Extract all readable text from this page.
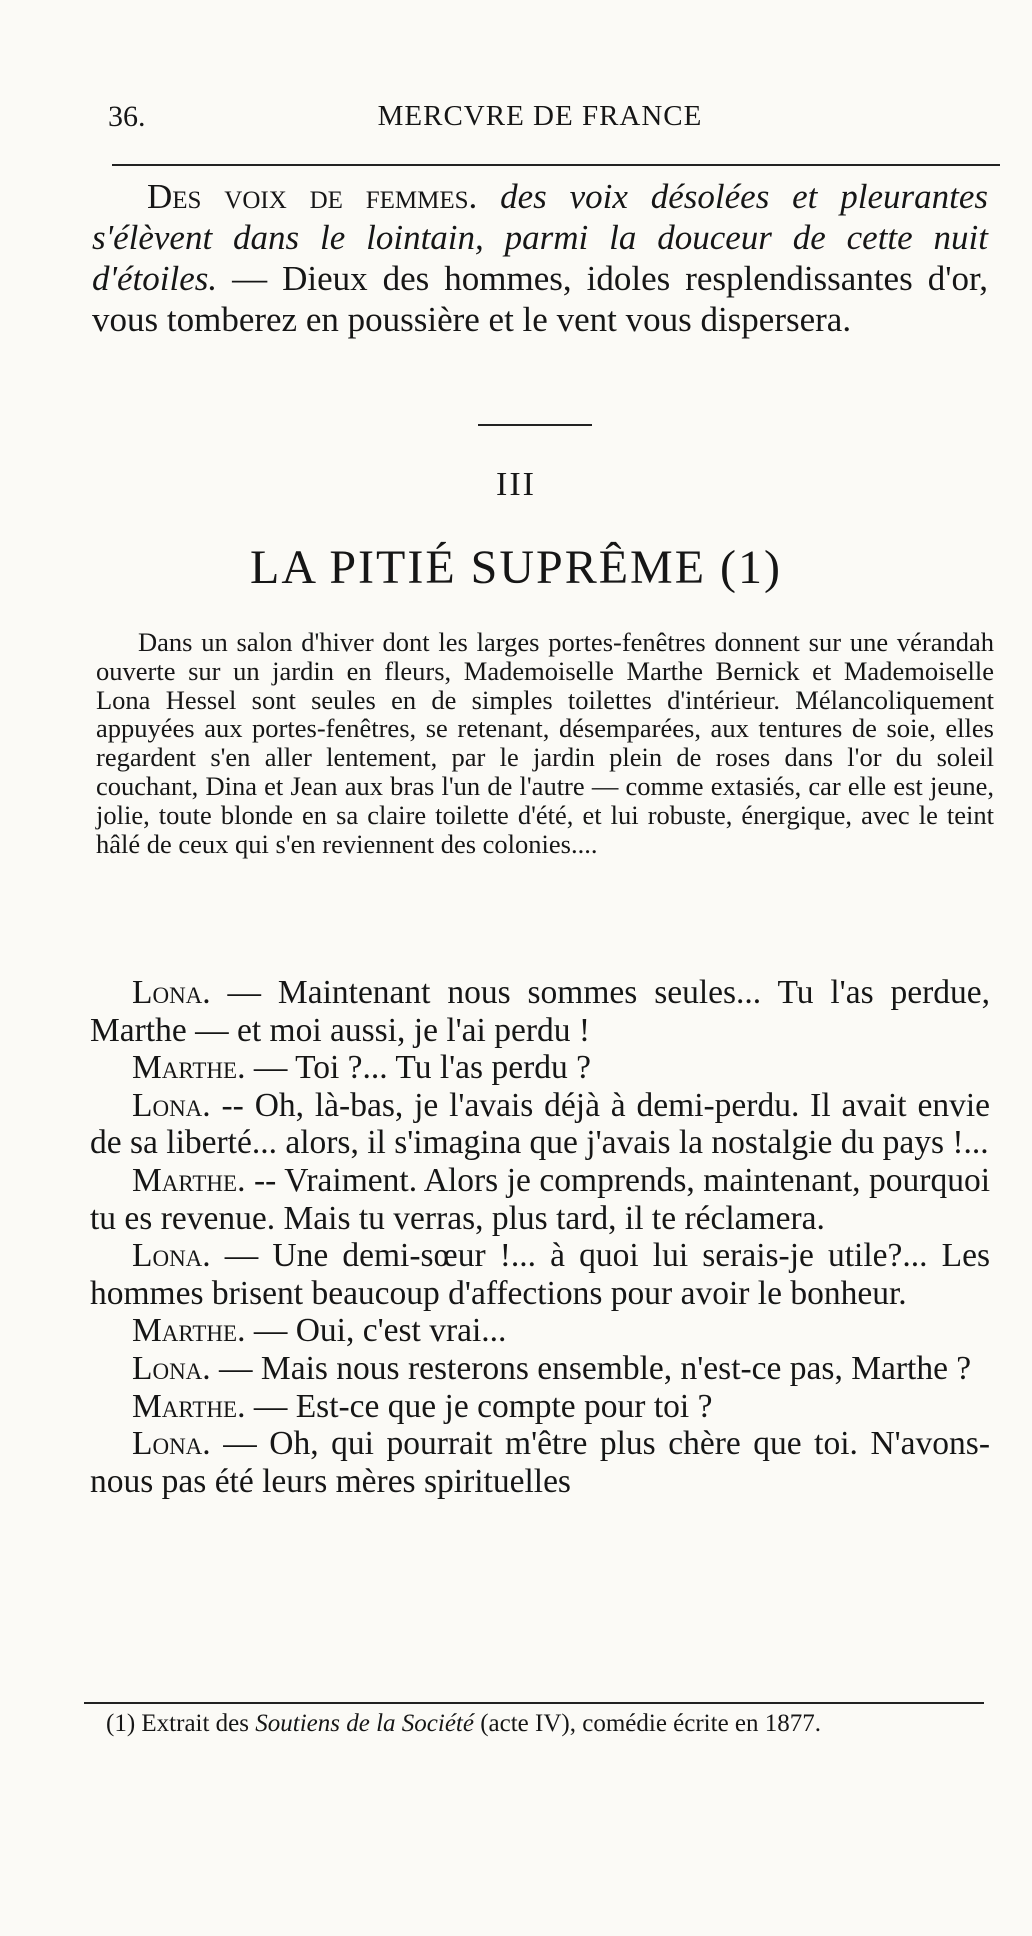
36.	MERCVRE DE FRANCE

Des voix de femmes. des voix désolées et pleurantes s'élèvent dans le lointain, parmi la douceur de cette nuit d'étoiles. — Dieux des hommes, idoles resplendissantes d'or, vous tomberez en poussière et le vent vous dispersera.

III
LA PITIÉ SUPRÊME (1)

Dans un salon d'hiver dont les larges portes-fenêtres donnent sur une vérandah ouverte sur un jardin en fleurs, Mademoiselle Marthe Bernick et Mademoiselle Lona Hessel sont seules en de simples toilettes d'intérieur. Mélancoliquement appuyées aux portes-fenêtres, se retenant, désemparées, aux tentures de soie, elles regardent s'en aller lentement, par le jardin plein de roses dans l'or du soleil couchant, Dina et Jean aux bras l'un de l'autre — comme extasiés, car elle est jeune, jolie, toute blonde en sa claire toilette d'été, et lui robuste, énergique, avec le teint hâlé de ceux qui s'en reviennent des colonies....

Lona. — Maintenant nous sommes seules... Tu l'as perdue, Marthe — et moi aussi, je l'ai perdu !

Marthe. — Toi ?... Tu l'as perdu ?

Lona. -- Oh, là-bas, je l'avais déjà à demi-perdu. Il avait envie de sa liberté... alors, il s'imagina que j'avais la nostalgie du pays !...

Marthe. -- Vraiment. Alors je comprends, maintenant, pourquoi tu es revenue. Mais tu verras, plus tard, il te réclamera.

Lona. — Une demi-sœur !... à quoi lui serais-je utile?... Les hommes brisent beaucoup d'affections pour avoir le bonheur.

Marthe. — Oui, c'est vrai...

Lona. — Mais nous resterons ensemble, n'est-ce pas, Marthe ?

Marthe. — Est-ce que je compte pour toi ?

Lona. — Oh, qui pourrait m'être plus chère que toi. N'avons-nous pas été leurs mères spirituelles

(1) Extrait des Soutiens de la Société (acte IV), comédie écrite en 1877.
